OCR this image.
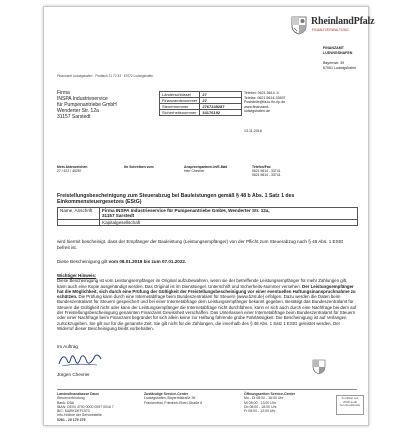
RheinlandPfalz
FINANZVERWALTUNG
FINANZAMT
LUDWIGSHAFEN
Bayernstr. 39
67061 Ludwigshafen
Finanzamt Ludwigshafen · Postfach 21 72 33 · 67072 Ludwigshafen
Firma
INSPA Industrieservice
für Pumpenantriebe GmbH
Wenderter Str. 12a
31157 Sarstedt
Länderschlüssel	27
Finanzamtsnummer	27
Steuernummer	2767245287
Sicherheitsnummer	34176192
Telefon: 0621 5614 -0
Telefax: 0621 5614-33697
Poststelle@fa-lu.fin-rlp.de
www.finanzamt-
ludwigshafen.de
13.11.2018
Mein Aktenzeichen
27 / 672 / 45287
Ihr Schreiben vom	Ansprechpartner/-in/E-Mail
Herr Chevrier
Telefon/Fax
0621 5614 - 33741
0621 5614 - 33741
Freistellungsbescheinigung zum Steuerabzug bei Bauleistungen gemäß § 48 b Abs. 1 Satz 1 des Einkommensteuergesetzes (EStG)
Name, Anschrift	Firma INSPA Industrieservice für Pumpenantriebe GmbH, Wenderter Str. 12a,
31157 Sarstedt

	Kapitalgesellschaft
wird hiermit bescheinigt, dass der Empfänger der Bauleistung (Leistungsempfänger) von der Pflicht zum Steuerabzug nach § 48 Abs. 1 EStG befreit ist.
Diese Bescheinigung gilt vom 08.01.2019 bis zum 07.01.2022.
Wichtiger Hinweis:
Diese Bescheinigung ist vom Leistungsempfänger im Original aufzubewahren, wenn sie der betreffende Leistungsempfänger für mehr Zahlungen gilt, kann auch eine Kopie ausgehändigt werden. Das Original ist im Dienstsiegel, Unterschrift und Sicherheits-Nummer versehen. Der Leistungsempfänger hat die Möglichkeit, sich durch eine Prüfung der Gültigkeit der Freistellungsbescheinigung vor einer eventuellen Haftungsinanspruchnahme zu schützen. Die Prüfung kann durch eine Internetabfrage beim Bundeszentralamt für Steuern (www.bzst.de) erfolgen. Dazu werden die Daten beim Bundeszentralamt für Steuern gespeichert und bei einer Internetabfrage dem Leistungsempfänger bekannt gegeben. Bestätigt das Bundeszentralamt für Steuern die Gültigkeit nicht oder kann der Leistungsempfänger die Internetabfrage nicht durchführen, kann er sich auch durch eine Nachfrage bei dem auf der Freistellungsbescheinigung genannten Finanzamt Gewissheit verschaffen. Das Unterlassen einer Internetabfrage beim Bundeszentralamt für Steuern oder einer Nachfrage beim Finanzamt begründet für sich allein keine zur Haftung führende grobe Fahrlässigkeit. Die Bescheinigung ist auf Verlangen zurückzugeben. Sie gilt nur für die genannte Zeit. Sie gilt nicht für die Zahlungen, die innerhalb des § 48 Abs. 1 Satz 1 EStG geleistet werden. Der Widerruf dieser Bescheinigung bleibt vorbehalten.
Im Auftrag
Jürgen Chevrier
Landesfinanzkasse Daun
Steuerverbindung
Bank: DBA
IBAN: DE04 4700 0000 0057 0016 7
BIC: MARKDEF1570
Info-Hotline der Servicestelle
0261 - 20 179 279
Zuständige Service-Center
Ludwigshafen, Bayerndstraße 39
Frankenthal, Friedrich-Ebert-Straße 6
Öffnungszeiten Service-Center
Mo - Di 08:00 - 16:00 Uhr
Mi 08:00 - 13:00 Uhr
Do 08:00 - 18:00 Uhr
Fr 08:00 - 12:00 Uhr
Zertifikat seit 2008 audit berufundfamilie
